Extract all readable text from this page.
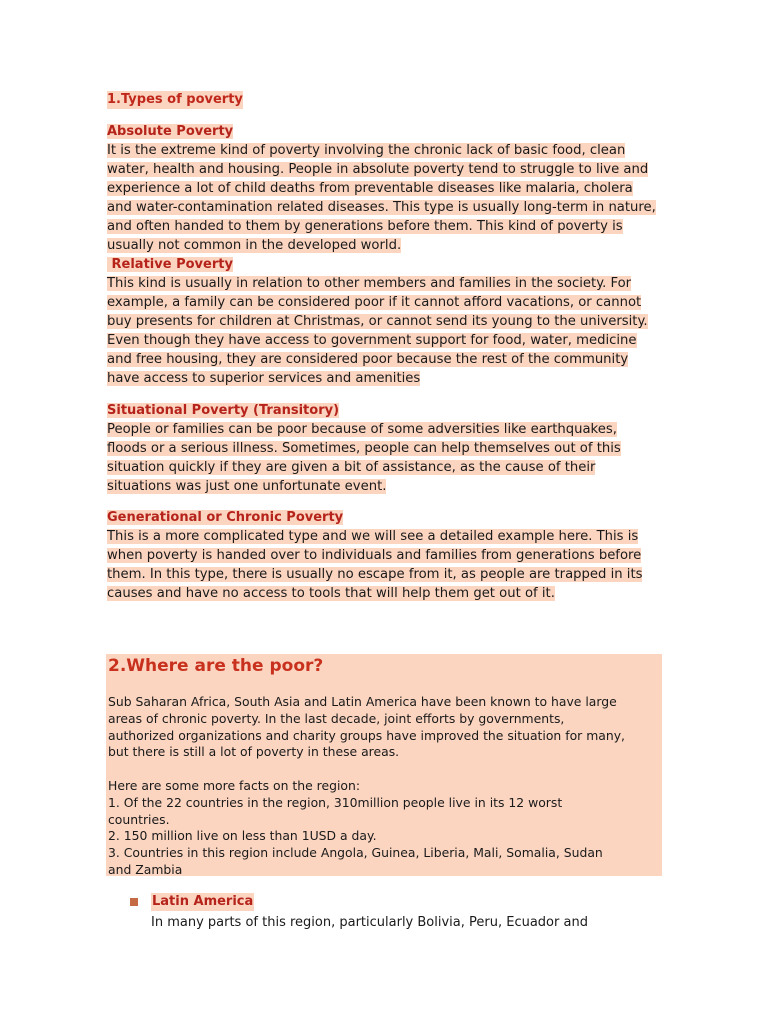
1.Types of poverty
Absolute Poverty
It is the extreme kind of poverty involving the chronic lack of basic food, clean
water, health and housing. People in absolute poverty tend to struggle to live and
experience a lot of child deaths from preventable diseases like malaria, cholera
and water-contamination related diseases. This type is usually long-term in nature,
and often handed to them by generations before them. This kind of poverty is
usually not common in the developed world.
Relative Poverty
This kind is usually in relation to other members and families in the society. For
example, a family can be considered poor if it cannot afford vacations, or cannot
buy presents for children at Christmas, or cannot send its young to the university.
Even though they have access to government support for food, water, medicine
and free housing, they are considered poor because the rest of the community
have access to superior services and amenities
Situational Poverty (Transitory)
People or families can be poor because of some adversities like earthquakes,
floods or a serious illness. Sometimes, people can help themselves out of this
situation quickly if they are given a bit of assistance, as the cause of their
situations was just one unfortunate event.
Generational or Chronic Poverty
This is a more complicated type and we will see a detailed example here. This is
when poverty is handed over to individuals and families from generations before
them. In this type, there is usually no escape from it, as people are trapped in its
causes and have no access to tools that will help them get out of it.
2.Where are the poor?
Sub Saharan Africa, South Asia and Latin America have been known to have large
areas of chronic poverty. In the last decade, joint efforts by governments,
authorized organizations and charity groups have improved the situation for many,
but there is still a lot of poverty in these areas.
Here are some more facts on the region:
1. Of the 22 countries in the region, 310million people live in its 12 worst
countries.
2. 150 million live on less than 1USD a day.
3. Countries in this region include Angola, Guinea, Liberia, Mali, Somalia, Sudan
and Zambia
Latin America
In many parts of this region, particularly Bolivia, Peru, Ecuador and
